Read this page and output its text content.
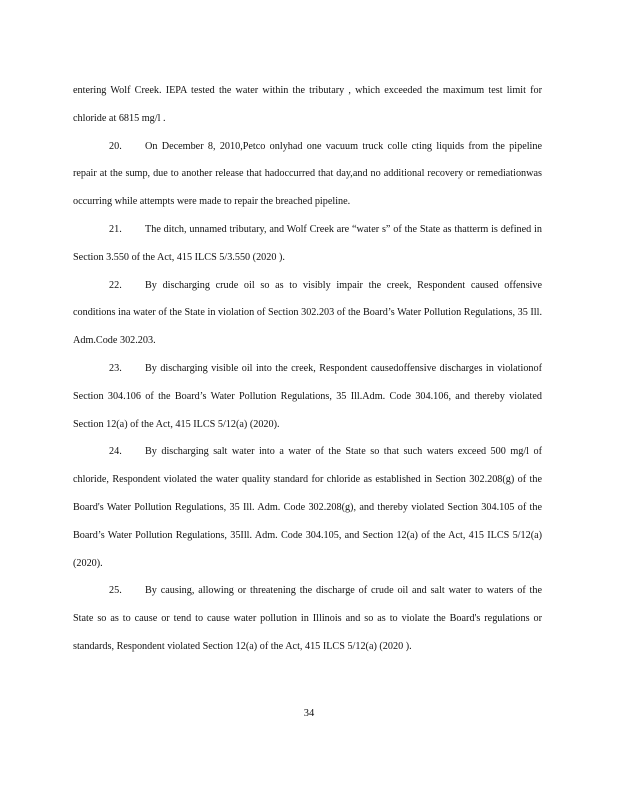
entering Wolf Creek. IEPA tested the water within the tributary , which exceeded the maximum test limit for chloride at 6815 mg/l .

20. On December 8, 2010,Petco onlyhad one vacuum truck colle cting liquids from the pipeline repair at the sump, due to another release that hadoccurred that day,and no additional recovery or remediationwas occurring while attempts were made to repair the breached pipeline.

21. The ditch, unnamed tributary, and Wolf Creek are “water s” of the State as thatterm is defined in Section 3.550 of the Act, 415 ILCS 5/3.550 (2020 ).

22. By discharging crude oil so as to visibly impair the creek, Respondent caused offensive conditions ina water of the State in violation of Section 302.203 of the Board’s Water Pollution Regulations, 35 Ill. Adm.Code 302.203.

23. By discharging visible oil into the creek, Respondent causedoffensive discharges in violationof Section 304.106 of the Board’s Water Pollution Regulations, 35 Ill.Adm. Code 304.106, and thereby violated Section 12(a) of the Act, 415 ILCS 5/12(a) (2020).

24. By discharging salt water into a water of the State so that such waters exceed 500 mg/l of chloride, Respondent violated the water quality standard for chloride as established in Section 302.208(g) of the Board's Water Pollution Regulations, 35 Ill. Adm. Code 302.208(g), and thereby violated Section 304.105 of the Board’s Water Pollution Regulations, 35Ill. Adm. Code 304.105, and Section 12(a) of the Act, 415 ILCS 5/12(a) (2020).

25. By causing, allowing or threatening the discharge of crude oil and salt water to waters of the State so as to cause or tend to cause water pollution in Illinois and so as to violate the Board's regulations or standards, Respondent violated Section 12(a) of the Act, 415 ILCS 5/12(a) (2020 ).

34
